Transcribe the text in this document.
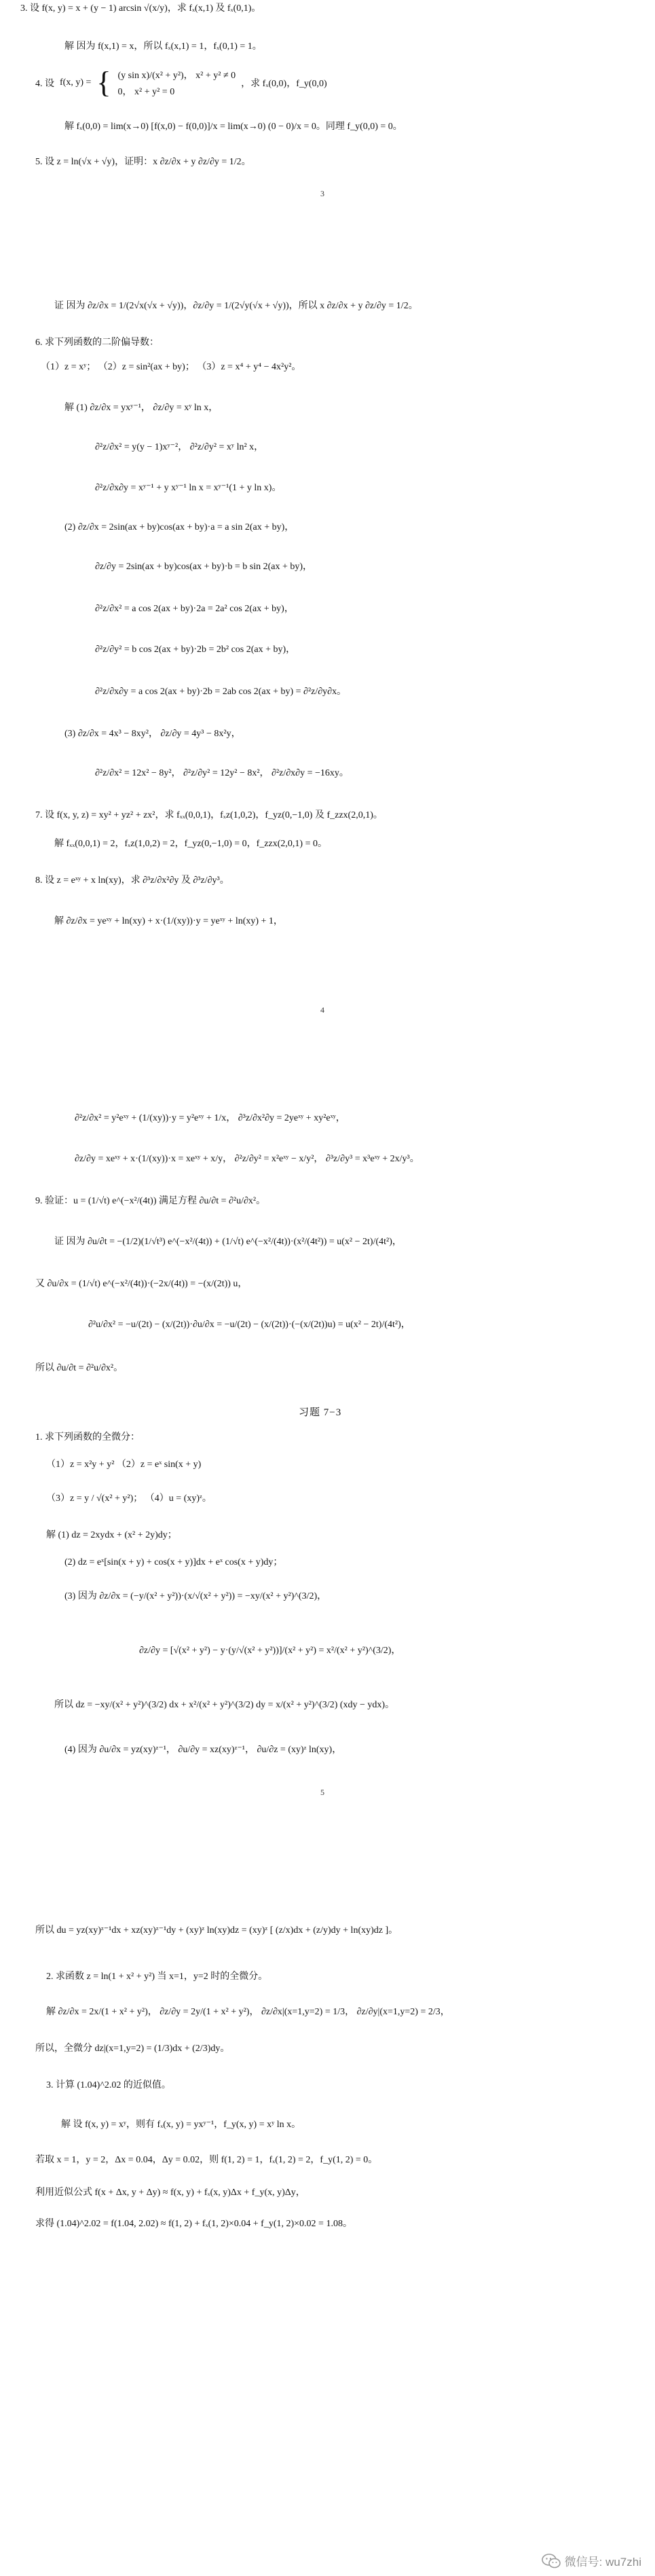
3. 设 f(x, y) = x + (y − 1) arcsin √(x/y)，求 fₓ(x,1) 及 fₓ(0,1)。
解 因为 f(x,1) = x，所以 fₓ(x,1) = 1，fₓ(0,1) = 1。
4. 设 f(x, y) = { (y sin x)/(x² + y²)， x² + y² ≠ 0
0， x² + y² = 0
，求 fₓ(0,0)，f_y(0,0)
解 fₓ(0,0) = lim(x→0) [f(x,0) − f(0,0)]/x = lim(x→0) (0 − 0)/x = 0。同理 f_y(0,0) = 0。
5. 设 z = ln(√x + √y)，证明：x ∂z/∂x + y ∂z/∂y = 1/2。
3
证 因为 ∂z/∂x = 1/(2√x(√x + √y))，∂z/∂y = 1/(2√y(√x + √y))，所以 x ∂z/∂x + y ∂z/∂y = 1/2。
6. 求下列函数的二阶偏导数：
（1）z = xʸ； （2）z = sin²(ax + by)； （3）z = x⁴ + y⁴ − 4x²y²。
解 (1) ∂z/∂x = yxʸ⁻¹， ∂z/∂y = xʸ ln x，
∂²z/∂x² = y(y − 1)xʸ⁻²， ∂²z/∂y² = xʸ ln² x，
∂²z/∂x∂y = xʸ⁻¹ + y xʸ⁻¹ ln x = xʸ⁻¹(1 + y ln x)。
(2) ∂z/∂x = 2sin(ax + by)cos(ax + by)·a = a sin 2(ax + by)，
∂z/∂y = 2sin(ax + by)cos(ax + by)·b = b sin 2(ax + by)，
∂²z/∂x² = a cos 2(ax + by)·2a = 2a² cos 2(ax + by)，
∂²z/∂y² = b cos 2(ax + by)·2b = 2b² cos 2(ax + by)，
∂²z/∂x∂y = a cos 2(ax + by)·2b = 2ab cos 2(ax + by) = ∂²z/∂y∂x。
(3) ∂z/∂x = 4x³ − 8xy²， ∂z/∂y = 4y³ − 8x²y，
∂²z/∂x² = 12x² − 8y²， ∂²z/∂y² = 12y² − 8x²， ∂²z/∂x∂y = −16xy。
7. 设 f(x, y, z) = xy² + yz² + zx²，求 fₓₓ(0,0,1)，fₓz(1,0,2)，f_yz(0,−1,0) 及 f_zzx(2,0,1)。
解 fₓₓ(0,0,1) = 2，fₓz(1,0,2) = 2，f_yz(0,−1,0) = 0，f_zzx(2,0,1) = 0。
8. 设 z = eˣʸ + x ln(xy)，求 ∂³z/∂x²∂y 及 ∂³z/∂y³。
解 ∂z/∂x = yeˣʸ + ln(xy) + x·(1/(xy))·y = yeˣʸ + ln(xy) + 1，
4
∂²z/∂x² = y²eˣʸ + (1/(xy))·y = y²eˣʸ + 1/x， ∂³z/∂x²∂y = 2yeˣʸ + xy²eˣʸ，
∂z/∂y = xeˣʸ + x·(1/(xy))·x = xeˣʸ + x/y， ∂²z/∂y² = x²eˣʸ − x/y²， ∂³z/∂y³ = x³eˣʸ + 2x/y³。
9. 验证：u = (1/√t) e^(−x²/(4t)) 满足方程 ∂u/∂t = ∂²u/∂x²。
证 因为 ∂u/∂t = −(1/2)(1/√t³) e^(−x²/(4t)) + (1/√t) e^(−x²/(4t))·(x²/(4t²)) = u(x² − 2t)/(4t²)，
又 ∂u/∂x = (1/√t) e^(−x²/(4t))·(−2x/(4t)) = −(x/(2t)) u，
∂²u/∂x² = −u/(2t) − (x/(2t))·∂u/∂x = −u/(2t) − (x/(2t))·(−(x/(2t))u) = u(x² − 2t)/(4t²)，
所以 ∂u/∂t = ∂²u/∂x²。
习题 7−3
1. 求下列函数的全微分：
（1）z = x²y + y² （2）z = eˣ sin(x + y)
（3）z = y / √(x² + y²)； （4）u = (xy)ᶻ。
解 (1) dz = 2xydx + (x² + 2y)dy；
(2) dz = eˣ[sin(x + y) + cos(x + y)]dx + eˣ cos(x + y)dy；
(3) 因为 ∂z/∂x = (−y/(x² + y²))·(x/√(x² + y²)) = −xy/(x² + y²)^(3/2)，
∂z/∂y = [√(x² + y²) − y·(y/√(x² + y²))]/(x² + y²) = x²/(x² + y²)^(3/2)，
所以 dz = −xy/(x² + y²)^(3/2) dx + x²/(x² + y²)^(3/2) dy = x/(x² + y²)^(3/2) (xdy − ydx)。
(4) 因为 ∂u/∂x = yz(xy)ᶻ⁻¹， ∂u/∂y = xz(xy)ᶻ⁻¹， ∂u/∂z = (xy)ᶻ ln(xy)，
5
所以 du = yz(xy)ᶻ⁻¹dx + xz(xy)ᶻ⁻¹dy + (xy)ᶻ ln(xy)dz = (xy)ᶻ [ (z/x)dx + (z/y)dy + ln(xy)dz ]。
2. 求函数 z = ln(1 + x² + y²) 当 x=1，y=2 时的全微分。
解 ∂z/∂x = 2x/(1 + x² + y²)， ∂z/∂y = 2y/(1 + x² + y²)， ∂z/∂x|(x=1,y=2) = 1/3， ∂z/∂y|(x=1,y=2) = 2/3，
所以，全微分 dz|(x=1,y=2) = (1/3)dx + (2/3)dy。
3. 计算 (1.04)^2.02 的近似值。
解 设 f(x, y) = xʸ，则有 fₓ(x, y) = yxʸ⁻¹，f_y(x, y) = xʸ ln x。
若取 x = 1，y = 2，Δx = 0.04，Δy = 0.02，则 f(1, 2) = 1，fₓ(1, 2) = 2，f_y(1, 2) = 0。
利用近似公式 f(x + Δx, y + Δy) ≈ f(x, y) + fₓ(x, y)Δx + f_y(x, y)Δy，
求得 (1.04)^2.02 = f(1.04, 2.02) ≈ f(1, 2) + fₓ(1, 2)×0.04 + f_y(1, 2)×0.02 = 1.08。
微信号: wu7zhi
